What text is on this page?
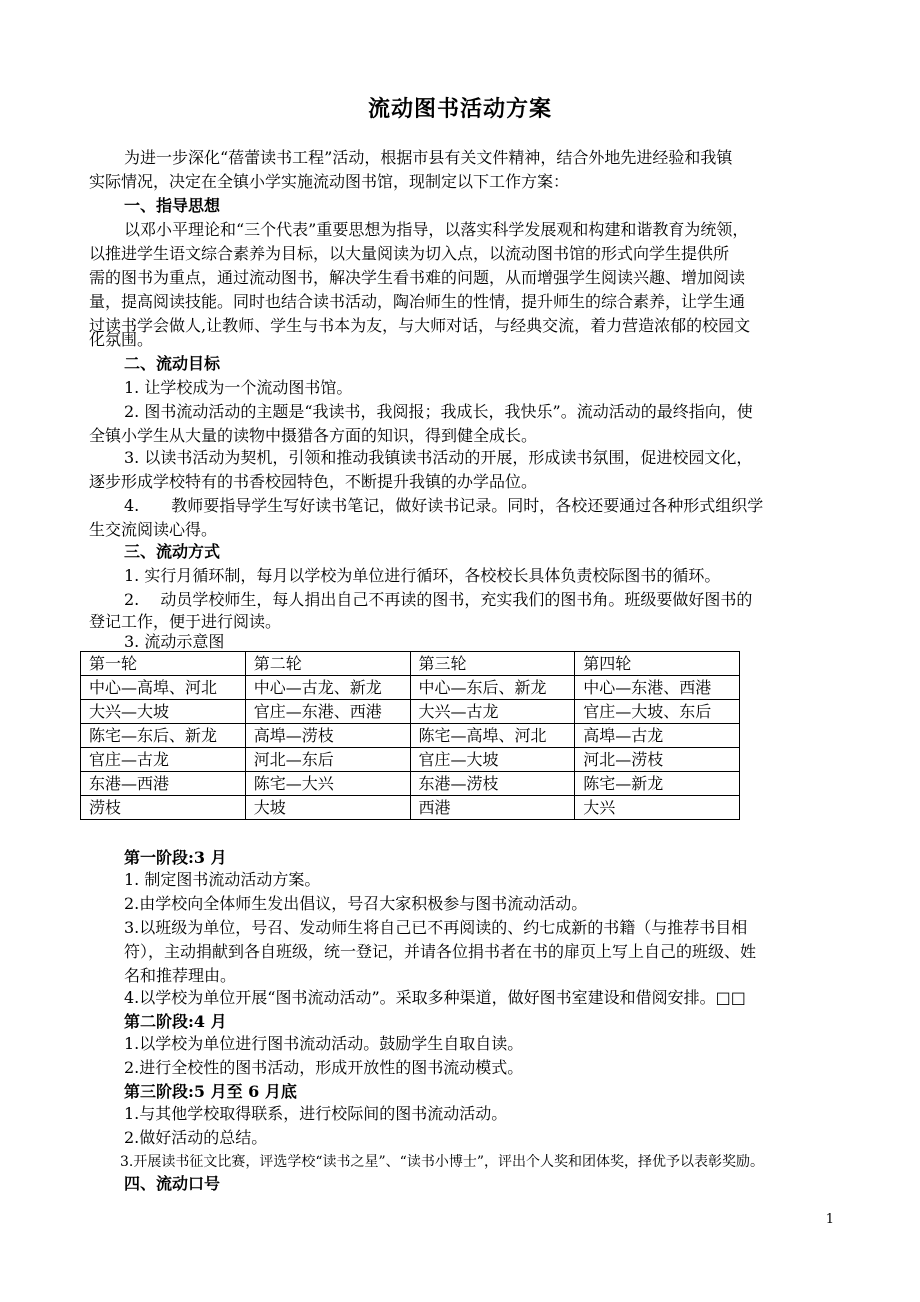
流动图书活动方案
为进一步深化“蓓蕾读书工程”活动，根据市县有关文件精神，结合外地先进经验和我镇
实际情况，决定在全镇小学实施流动图书馆，现制定以下工作方案：
一、指导思想
以邓小平理论和“三个代表”重要思想为指导，以落实科学发展观和构建和谐教育为统领，
以推进学生语文综合素养为目标，以大量阅读为切入点，以流动图书馆的形式向学生提供所
需的图书为重点，通过流动图书，解决学生看书难的问题，从而增强学生阅读兴趣、增加阅读
量，提高阅读技能。同时也结合读书活动，陶冶师生的性情，提升师生的综合素养，让学生通
过读书学会做人,让教师、学生与书本为友，与大师对话，与经典交流，着力营造浓郁的校园文
化氛围。
二、流动目标
1. 让学校成为一个流动图书馆。
2. 图书流动活动的主题是“我读书，我阅报；我成长，我快乐”。流动活动的最终指向，使
全镇小学生从大量的读物中摄猎各方面的知识，得到健全成长。
3. 以读书活动为契机，引领和推动我镇读书活动的开展，形成读书氛围，促进校园文化，
逐步形成学校特有的书香校园特色，不断提升我镇的办学品位。
4.　　教师要指导学生写好读书笔记，做好读书记录。同时，各校还要通过各种形式组织学
生交流阅读心得。
三、流动方式
1. 实行月循环制，每月以学校为单位进行循环，各校校长具体负责校际图书的循环。
2.　 动员学校师生，每人捐出自己不再读的图书，充实我们的图书角。班级要做好图书的
登记工作，便于进行阅读。
3. 流动示意图
第一轮	第二轮	第三轮	第四轮
中心—高埠、河北	中心—古龙、新龙	中心—东后、新龙	中心—东港、西港
大兴—大坡	官庄—东港、西港	大兴—古龙	官庄—大坡、东后
陈宅—东后、新龙	高埠—涝枝	陈宅—高埠、河北	高埠—古龙
官庄—古龙	河北—东后	官庄—大坡	河北—涝枝
东港—西港	陈宅—大兴	东港—涝枝	陈宅—新龙
涝枝	大坡	西港	大兴
第一阶段:3 月
1. 制定图书流动活动方案。
2.由学校向全体师生发出倡议，号召大家积极参与图书流动活动。
3.以班级为单位，号召、发动师生将自己已不再阅读的、约七成新的书籍（与推荐书目相
符），主动捐献到各自班级，统一登记，并请各位捐书者在书的扉页上写上自己的班级、姓
名和推荐理由。
4.以学校为单位开展“图书流动活动”。采取多种渠道，做好图书室建设和借阅安排。□□
第二阶段:4 月
1.以学校为单位进行图书流动活动。鼓励学生自取自读。
2.进行全校性的图书活动，形成开放性的图书流动模式。
第三阶段:5 月至 6 月底
1.与其他学校取得联系，进行校际间的图书流动活动。
2.做好活动的总结。
3.开展读书征文比赛，评选学校“读书之星”、“读书小博士”，评出个人奖和团体奖，择优予以表彰奖励。
四、流动口号
1
